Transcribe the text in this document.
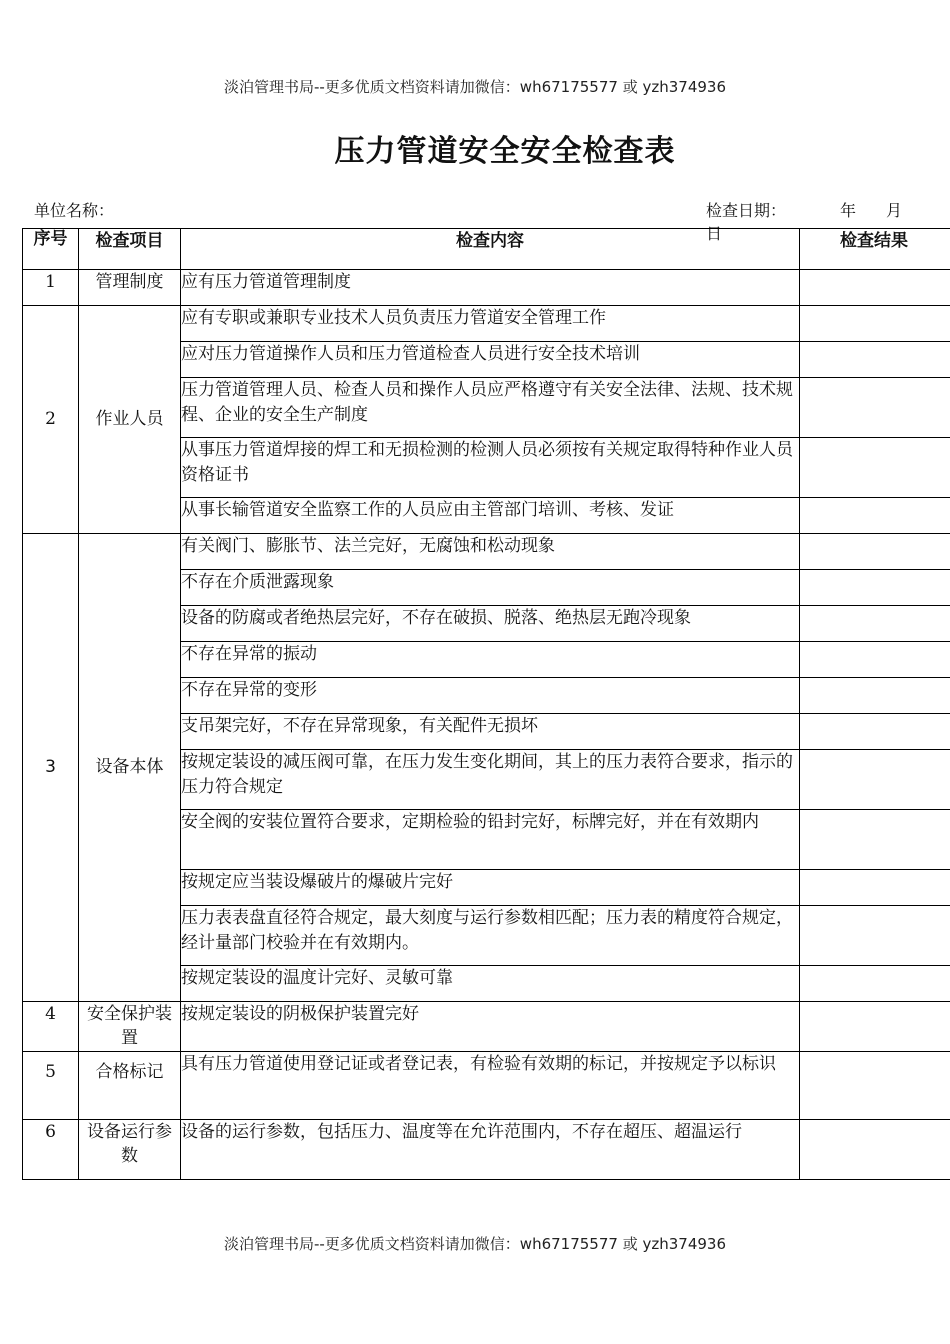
淡泊管理书局--更多优质文档资料请加微信：wh67175577 或 yzh374936
压力管道安全安全检查表
单位名称：	检查日期：	年 月日
序号	检查项目	检查内容	检查结果
1	管理制度	应有压力管道管理制度	
2	作业人员	应有专职或兼职专业技术人员负责压力管道安全管理工作	
		应对压力管道操作人员和压力管道检查人员进行安全技术培训	
		压力管道管理人员、检查人员和操作人员应严格遵守有关安全法律、法规、技术规程、企业的安全生产制度	
		从事压力管道焊接的焊工和无损检测的检测人员必须按有关规定取得特种作业人员资格证书	
		从事长输管道安全监察工作的人员应由主管部门培训、考核、发证	
3	设备本体	有关阀门、膨胀节、法兰完好，无腐蚀和松动现象	
		不存在介质泄露现象	
		设备的防腐或者绝热层完好，不存在破损、脱落、绝热层无跑冷现象	
		不存在异常的振动	
		不存在异常的变形	
		支吊架完好，不存在异常现象，有关配件无损坏	
		按规定装设的减压阀可靠，在压力发生变化期间，其上的压力表符合要求，指示的压力符合规定	
		安全阀的安装位置符合要求，定期检验的铅封完好，标牌完好，并在有效期内	
		按规定应当装设爆破片的爆破片完好	
		压力表表盘直径符合规定，最大刻度与运行参数相匹配；压力表的精度符合规定，经计量部门校验并在有效期内。	
		按规定装设的温度计完好、灵敏可靠	
4	安全保护装置	按规定装设的阴极保护装置完好	
5	合格标记	具有压力管道使用登记证或者登记表，有检验有效期的标记，并按规定予以标识	
6	设备运行参数	设备的运行参数，包括压力、温度等在允许范围内，不存在超压、超温运行	
淡泊管理书局--更多优质文档资料请加微信：wh67175577 或 yzh374936
